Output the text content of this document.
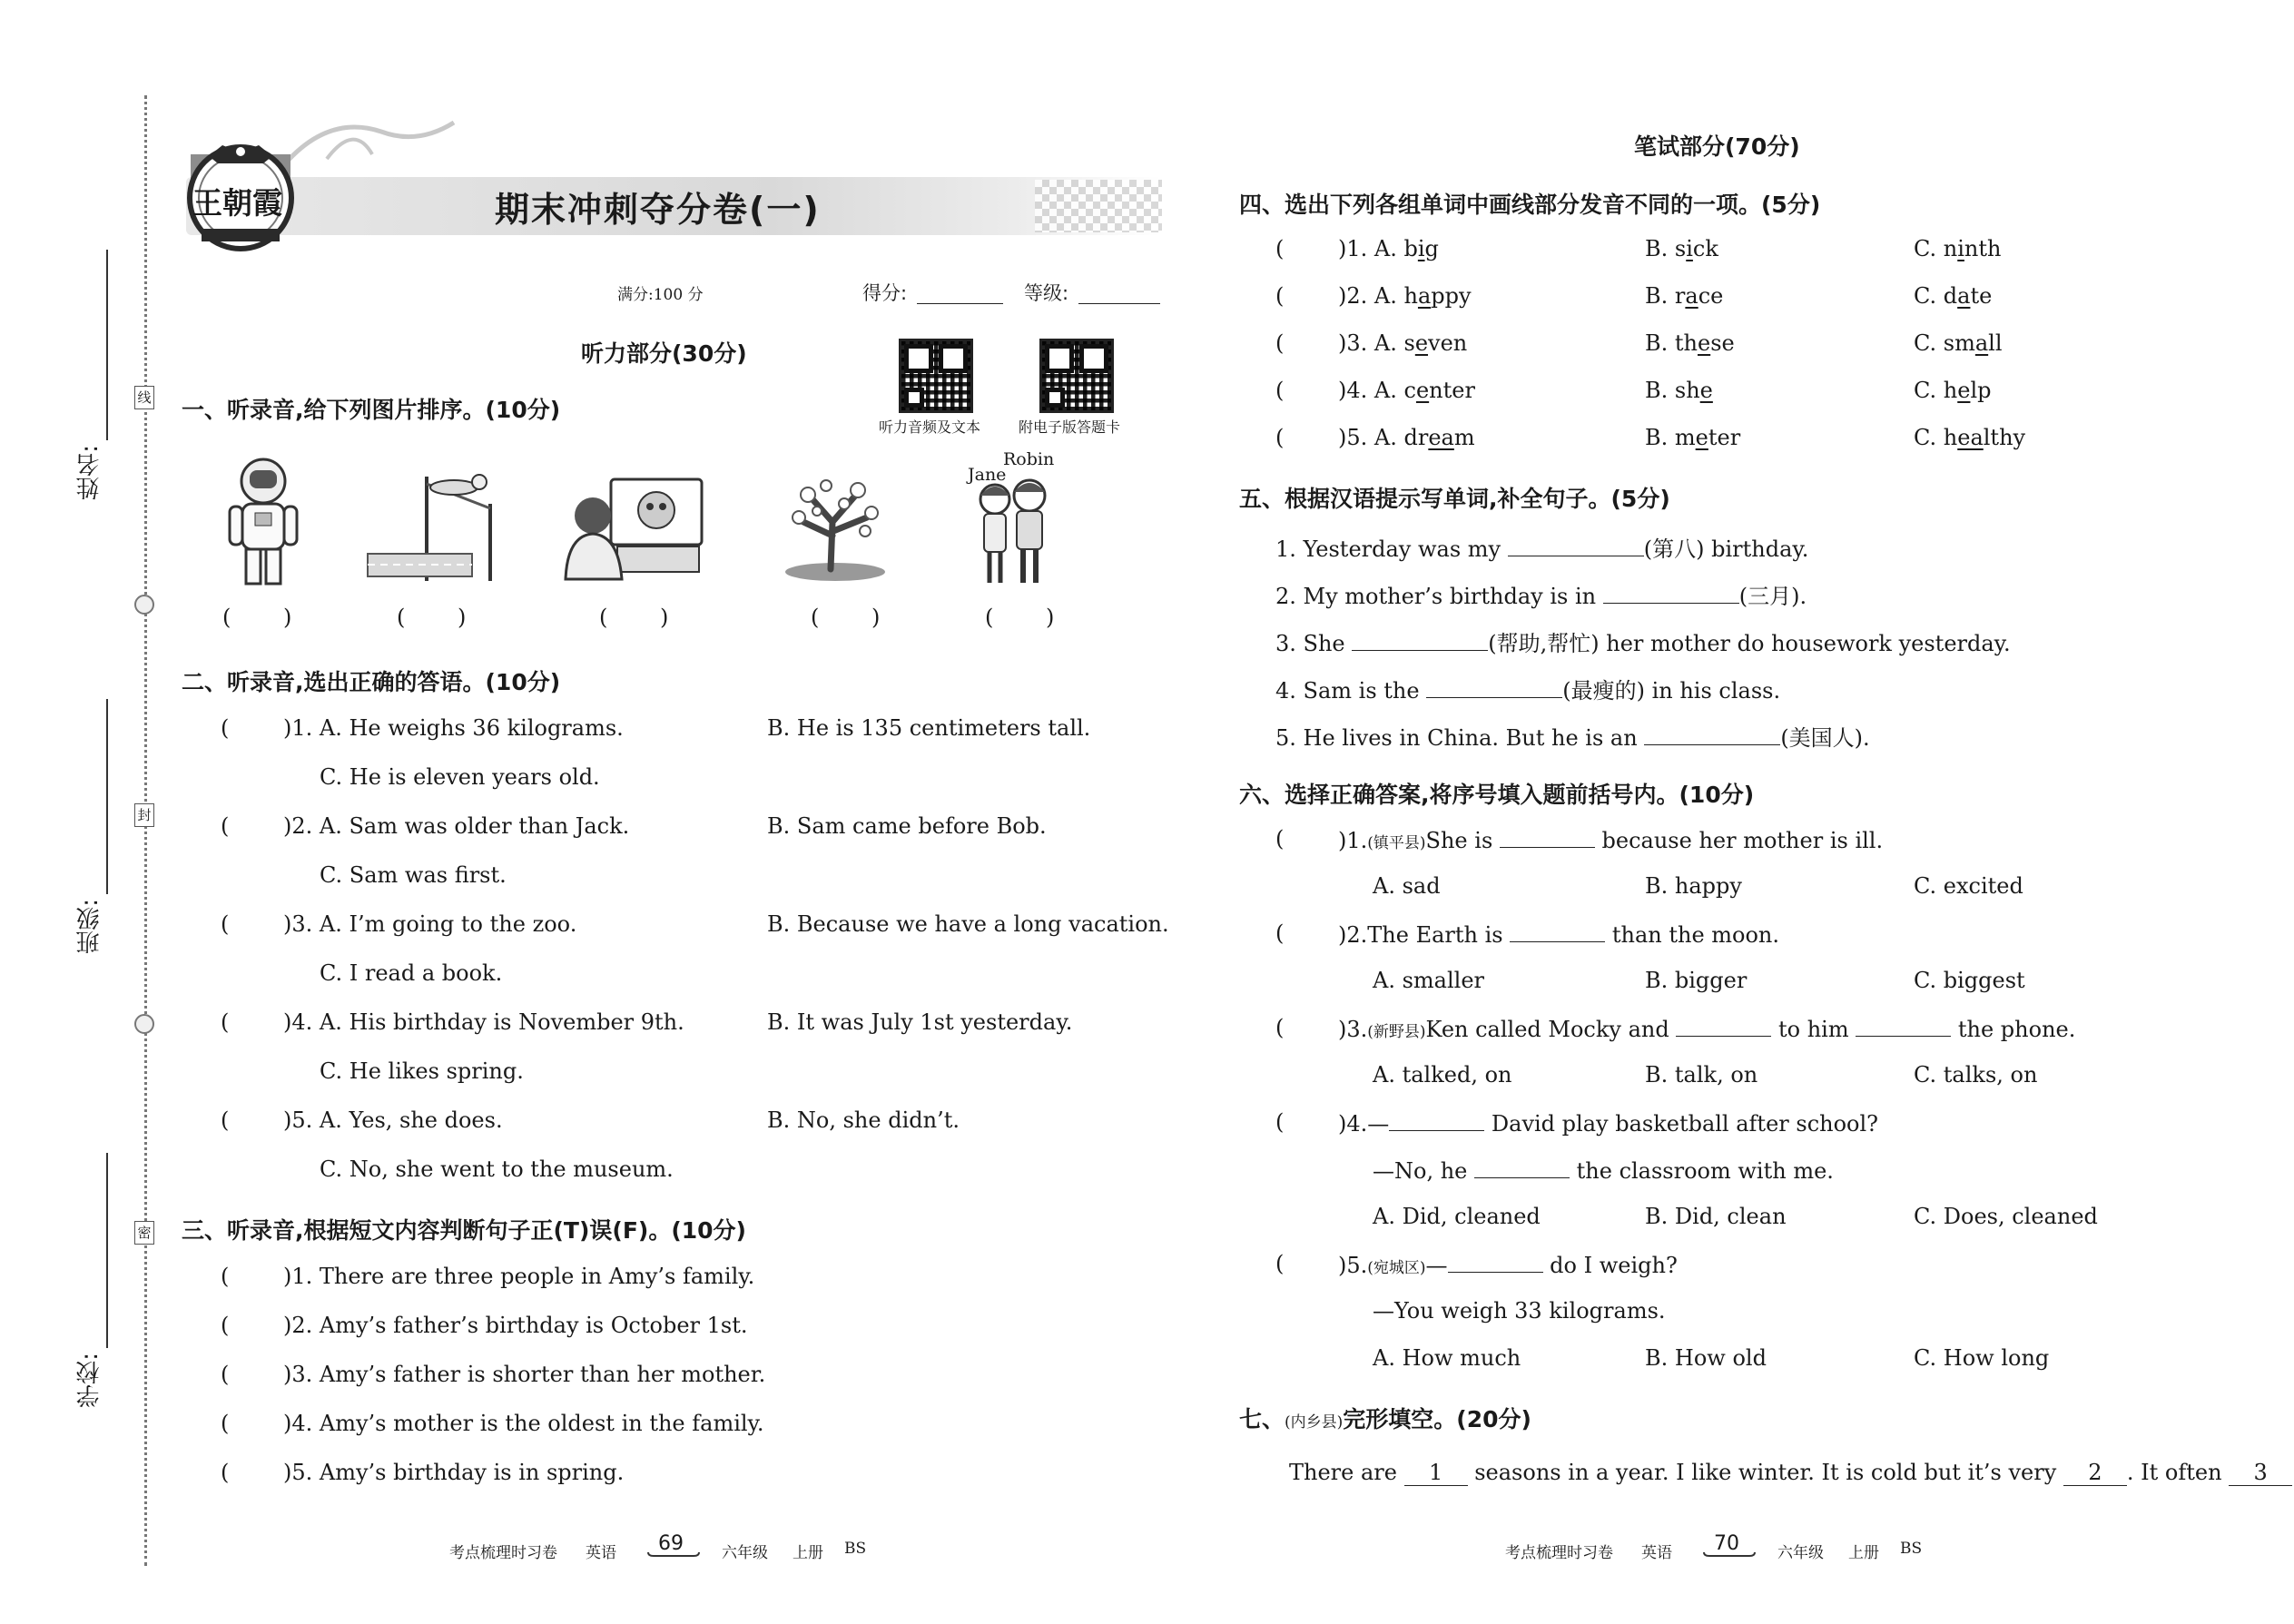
姓名:
班级:
学校:
线
封
密
王朝霞	期末冲刺夺分卷(一)
满分:100 分	得分:	等级:
听力部分(30分)
听力音频及文本	附电子版答题卡
一、听录音,给下列图片排序。(10分)
Jane
Robin
( )	( )	( )	( )	( )
二、听录音,选出正确的答语。(10分)
( )1. A. He weighs 36 kilograms.	B. He is 135 centimeters tall.
C. He is eleven years old.
( )2. A. Sam was older than Jack.	B. Sam came before Bob.
C. Sam was first.
( )3. A. I’m going to the zoo.	B. Because we have a long vacation.
C. I read a book.
( )4. A. His birthday is November 9th.	B. It was July 1st yesterday.
C. He likes spring.
( )5. A. Yes, she does.	B. No, she didn’t.
C. No, she went to the museum.
三、听录音,根据短文内容判断句子正(T)误(F)。(10分)
( )1. There are three people in Amy’s family.
( )2. Amy’s father’s birthday is October 1st.
( )3. Amy’s father is shorter than her mother.
( )4. Amy’s mother is the oldest in the family.
( )5. Amy’s birthday is in spring.
考点梳理时习卷 英语 69 六年级 上册 BS
笔试部分(70分)
四、选出下列各组单词中画线部分发音不同的一项。(5分)
( )1. A. big	B. sick	C. ninth
( )2. A. happy	B. race	C. date
( )3. A. seven	B. these	C. small
( )4. A. center	B. she	C. help
( )5. A. dream	B. meter	C. healthy
五、根据汉语提示写单词,补全句子。(5分)
1. Yesterday was my	(第八) birthday.
2. My mother’s birthday is in	(三月).
3. She	(帮助,帮忙) her mother do housework yesterday.
4. Sam is the	(最瘦的) in his class.
5. He lives in China. But he is an	(美国人).
六、选择正确答案,将序号填入题前括号内。(10分)
( )1.(镇平县)She is	because her mother is ill.
A. sad	B. happy	C. excited
( )2.The Earth is	than the moon.
A. smaller	B. bigger	C. biggest
( )3.(新野县)Ken called Mocky and	to him	the phone.
A. talked, on	B. talk, on	C. talks, on
( )4.—	David play basketball after school?
—No, he	the classroom with me.
A. Did, cleaned	B. Did, clean	C. Does, cleaned
( )5.(宛城区)—	do I weigh?
—You weigh 33 kilograms.
A. How much	B. How old	C. How long
七、(内乡县)完形填空。(20分)
There are 1 seasons in a year. I like winter. It is cold but it’s very 2 . It often 3
考点梳理时习卷 英语 70 六年级 上册 BS
